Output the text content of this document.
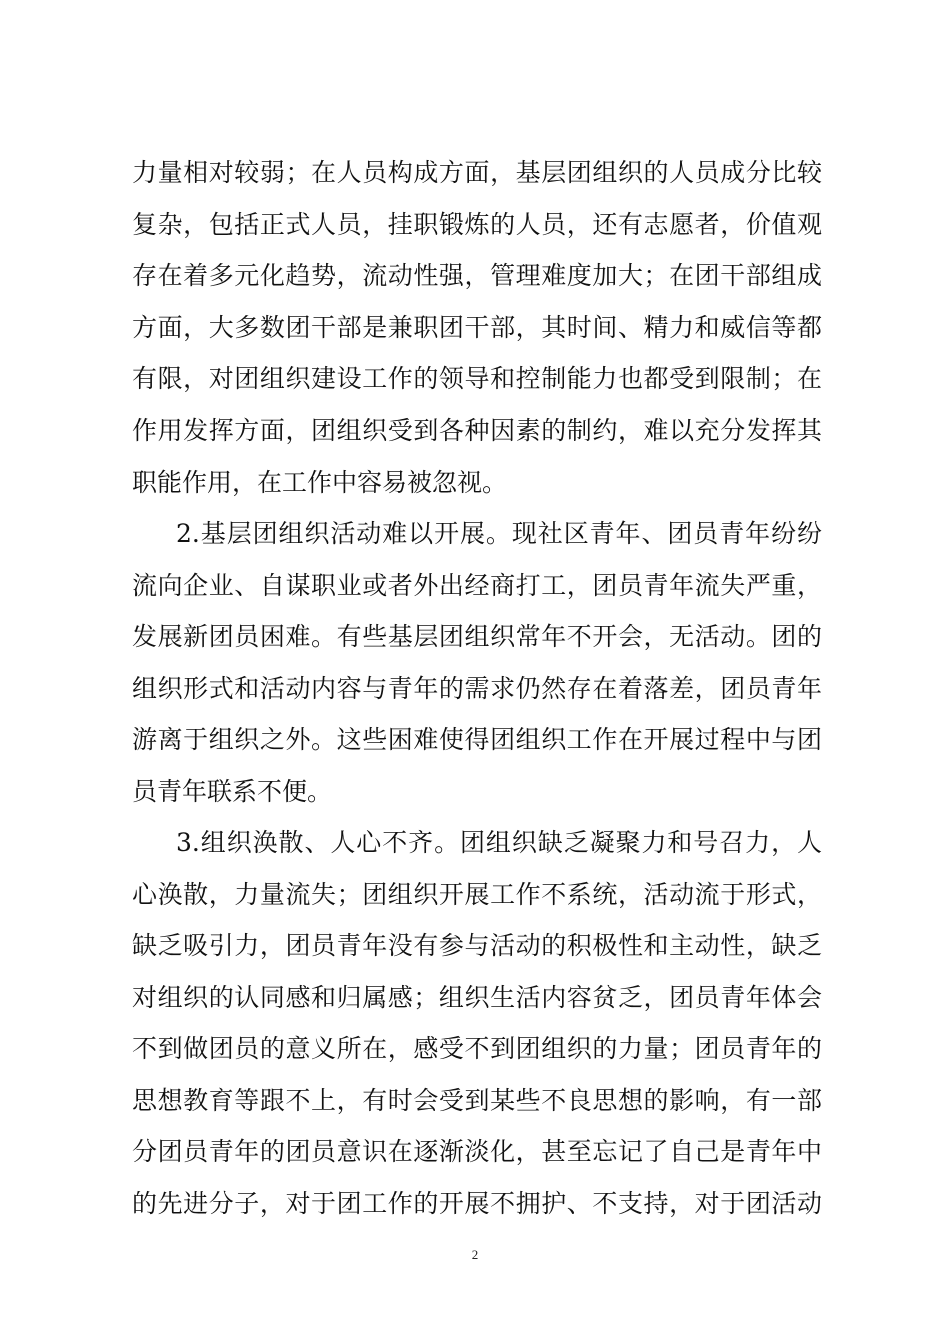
力量相对较弱；在人员构成方面，基层团组织的人员成分比较
复杂，包括正式人员，挂职锻炼的人员，还有志愿者，价值观
存在着多元化趋势，流动性强，管理难度加大；在团干部组成
方面，大多数团干部是兼职团干部，其时间、精力和威信等都
有限，对团组织建设工作的领导和控制能力也都受到限制；在
作用发挥方面，团组织受到各种因素的制约，难以充分发挥其
职能作用，在工作中容易被忽视。
2.基层团组织活动难以开展。现社区青年、团员青年纷纷
流向企业、自谋职业或者外出经商打工，团员青年流失严重，
发展新团员困难。有些基层团组织常年不开会，无活动。团的
组织形式和活动内容与青年的需求仍然存在着落差，团员青年
游离于组织之外。这些困难使得团组织工作在开展过程中与团
员青年联系不便。
3.组织涣散、人心不齐。团组织缺乏凝聚力和号召力，人
心涣散，力量流失；团组织开展工作不系统，活动流于形式，
缺乏吸引力，团员青年没有参与活动的积极性和主动性，缺乏
对组织的认同感和归属感；组织生活内容贫乏，团员青年体会
不到做团员的意义所在，感受不到团组织的力量；团员青年的
思想教育等跟不上，有时会受到某些不良思想的影响，有一部
分团员青年的团员意识在逐渐淡化，甚至忘记了自己是青年中
的先进分子，对于团工作的开展不拥护、不支持，对于团活动
2
